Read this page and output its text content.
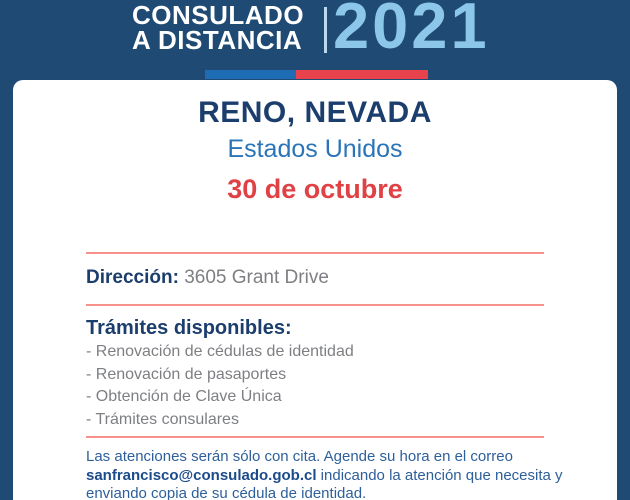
CONSULADO
A DISTANCIA 2021
RENO, NEVADA
Estados Unidos
30 de octubre

Dirección: 3605 Grant Drive

Trámites disponibles:
- Renovación de cédulas de identidad
- Renovación de pasaportes
- Obtención de Clave Única
- Trámites consulares

Las atenciones serán sólo con cita. Agende su hora en el correo
sanfrancisco@consulado.gob.cl indicando la atención que necesita y
enviando copia de su cédula de identidad.
